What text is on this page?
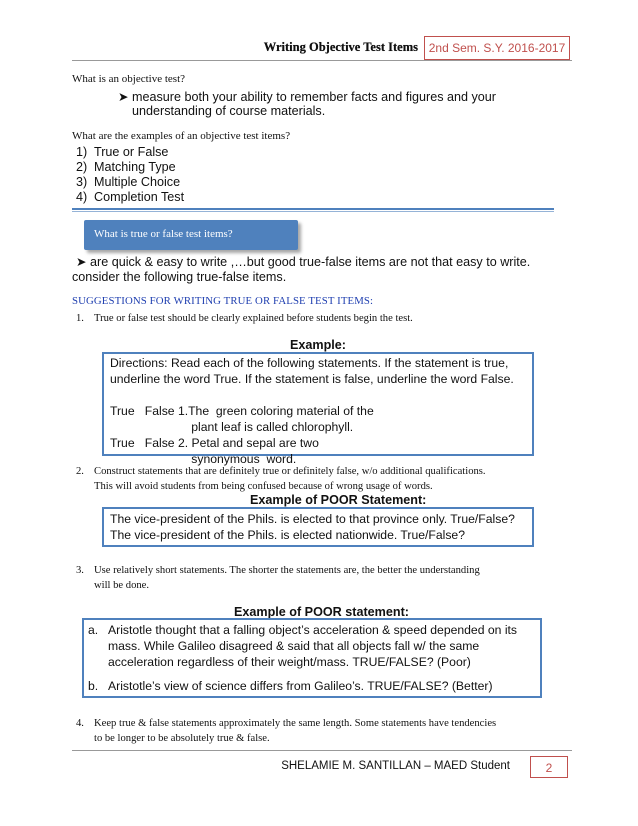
Writing Objective Test Items 2nd Sem. S.Y. 2016-2017
What is an objective test?
➤ measure both your ability to remember facts and figures and your
understanding of course materials.
What are the examples of an objective test items?
1) True or False
2) Matching Type
3) Multiple Choice
4) Completion Test
What is true or false test items?
➤ are quick & easy to write ,…but good true-false items are not that easy to write.
consider the following true-false items.
SUGGESTIONS FOR WRITING TRUE OR FALSE TEST ITEMS:
1. True or false test should be clearly explained before students begin the test.
Example:
Directions: Read each of the following statements. If the statement is true,
underline the word True. If the statement is false, underline the word False.
True   False 1.The  green coloring material of the
plant leaf is called chlorophyll.
True   False 2. Petal and sepal are two
synonymous  word.
2. Construct statements that are definitely true or definitely false, w/o additional qualifications.
This will avoid students from being confused because of wrong usage of words.
Example of POOR Statement:
The vice-president of the Phils. is elected to that province only. True/False?
The vice-president of the Phils. is elected nationwide. True/False?
3. Use relatively short statements. The shorter the statements are, the better the understanding
will be done.
Example of POOR statement:
a. Aristotle thought that a falling object’s acceleration & speed depended on its
mass. While Galileo disagreed & said that all objects fall w/ the same
acceleration regardless of their weight/mass. TRUE/FALSE? (Poor)
b. Aristotle’s view of science differs from Galileo’s. TRUE/FALSE? (Better)
4. Keep true & false statements approximately the same length. Some statements have tendencies
to be longer to be absolutely true & false.
SHELAMIE M. SANTILLAN – MAED Student	2
